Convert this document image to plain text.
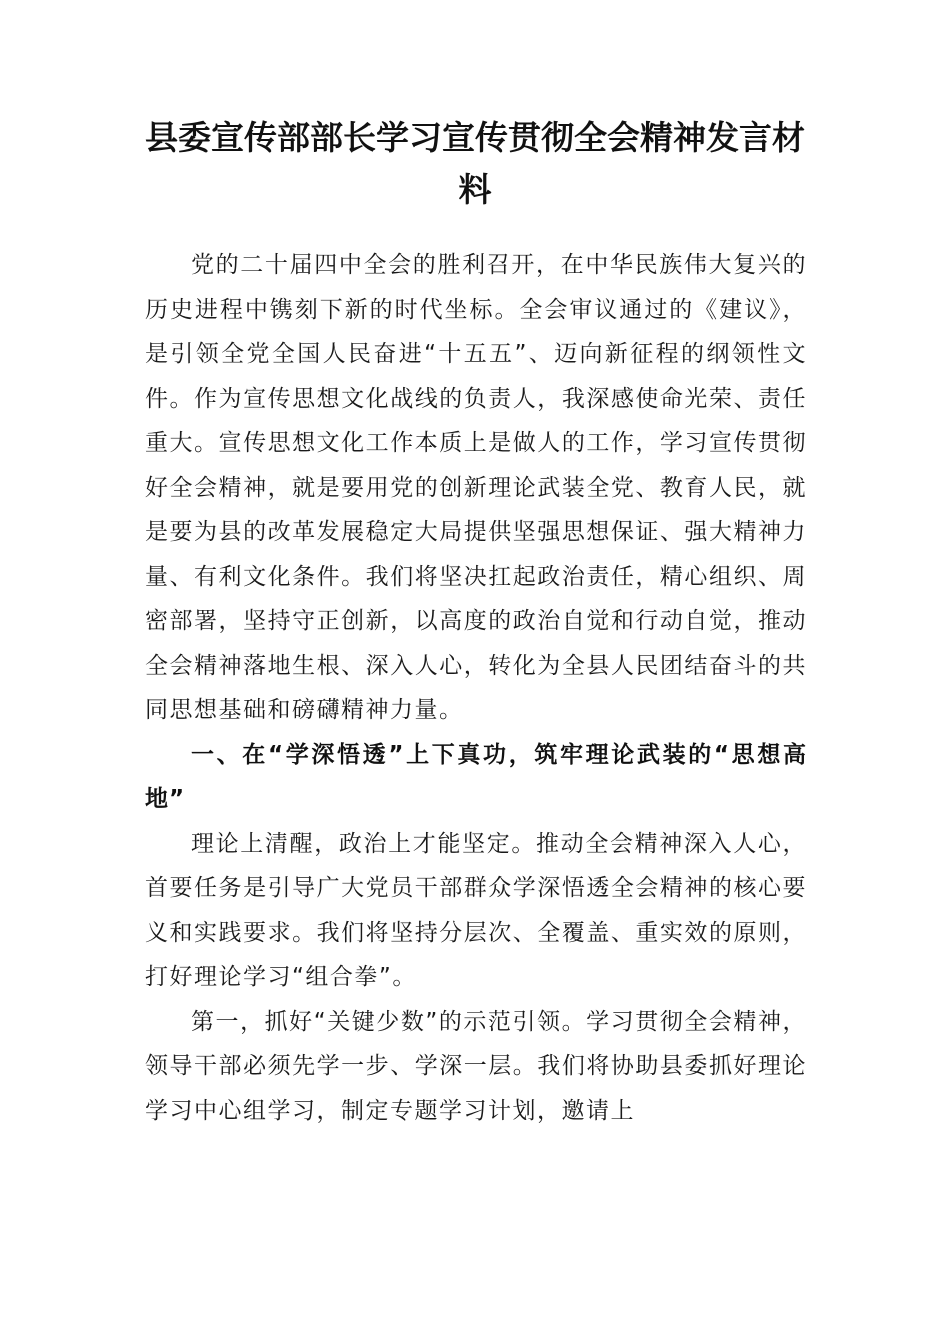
县委宣传部部长学习宣传贯彻全会精神发言材料

党的二十届四中全会的胜利召开，在中华民族伟大复兴的历史进程中镌刻下新的时代坐标。全会审议通过的《建议》，是引领全党全国人民奋进“十五五”、迈向新征程的纲领性文件。作为宣传思想文化战线的负责人，我深感使命光荣、责任重大。宣传思想文化工作本质上是做人的工作，学习宣传贯彻好全会精神，就是要用党的创新理论武装全党、教育人民，就是要为县的改革发展稳定大局提供坚强思想保证、强大精神力量、有利文化条件。我们将坚决扛起政治责任，精心组织、周密部署，坚持守正创新，以高度的政治自觉和行动自觉，推动全会精神落地生根、深入人心，转化为全县人民团结奋斗的共同思想基础和磅礴精神力量。

一、在“学深悟透”上下真功，筑牢理论武装的“思想高地”

理论上清醒，政治上才能坚定。推动全会精神深入人心，首要任务是引导广大党员干部群众学深悟透全会精神的核心要义和实践要求。我们将坚持分层次、全覆盖、重实效的原则，打好理论学习“组合拳”。

第一，抓好“关键少数”的示范引领。学习贯彻全会精神，领导干部必须先学一步、学深一层。我们将协助县委抓好理论学习中心组学习，制定专题学习计划，邀请上
